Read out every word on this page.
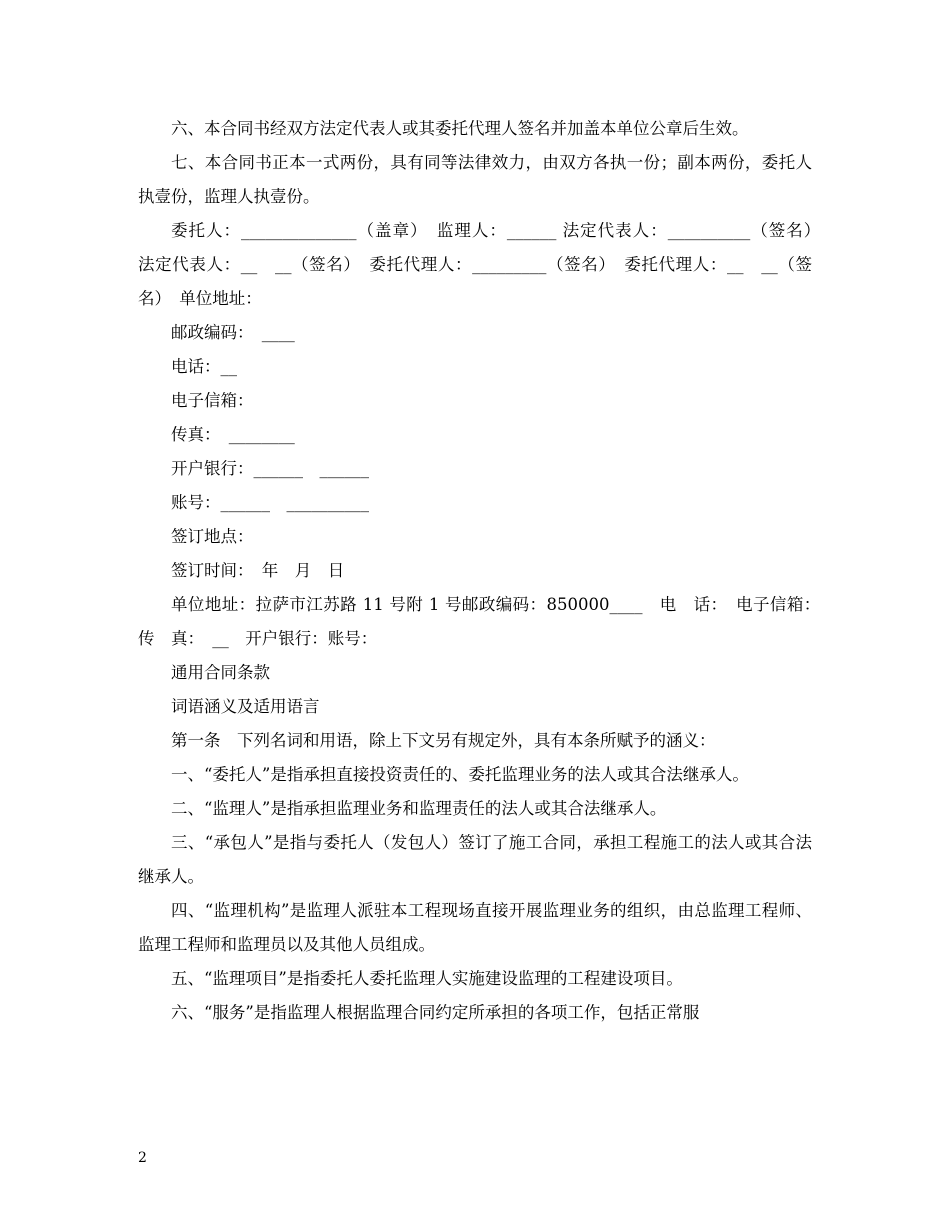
六、本合同书经双方法定代表人或其委托代理人签名并加盖本单位公章后生效。

七、本合同书正本一式两份，具有同等法律效力，由双方各执一份；副本两份，委托人执壹份，监理人执壹份。

委托人：______________（盖章）　监理人：______ 法定代表人：__________（签名）　法定代表人：__　__（签名）　委托代理人：_________（签名）　委托代理人：__　__（签名）　单位地址：

邮政编码：　____

电话：__

电子信箱：

传真：　________

开户银行：______　______

账号：______　__________

签订地点：

签订时间：　年　月　日

单位地址：拉萨市江苏路 11 号附 1 号邮政编码：850000____　电　话：　电子信箱：　传　真：　__　开户银行：账号：

通用合同条款

词语涵义及适用语言

第一条　下列名词和用语，除上下文另有规定外，具有本条所赋予的涵义：

一、“委托人”是指承担直接投资责任的、委托监理业务的法人或其合法继承人。

二、“监理人”是指承担监理业务和监理责任的法人或其合法继承人。

三、“承包人”是指与委托人（发包人）签订了施工合同，承担工程施工的法人或其合法继承人。

四、“监理机构”是监理人派驻本工程现场直接开展监理业务的组织，由总监理工程师、监理工程师和监理员以及其他人员组成。

五、“监理项目”是指委托人委托监理人实施建设监理的工程建设项目。

六、“服务”是指监理人根据监理合同约定所承担的各项工作，包括正常服

2
